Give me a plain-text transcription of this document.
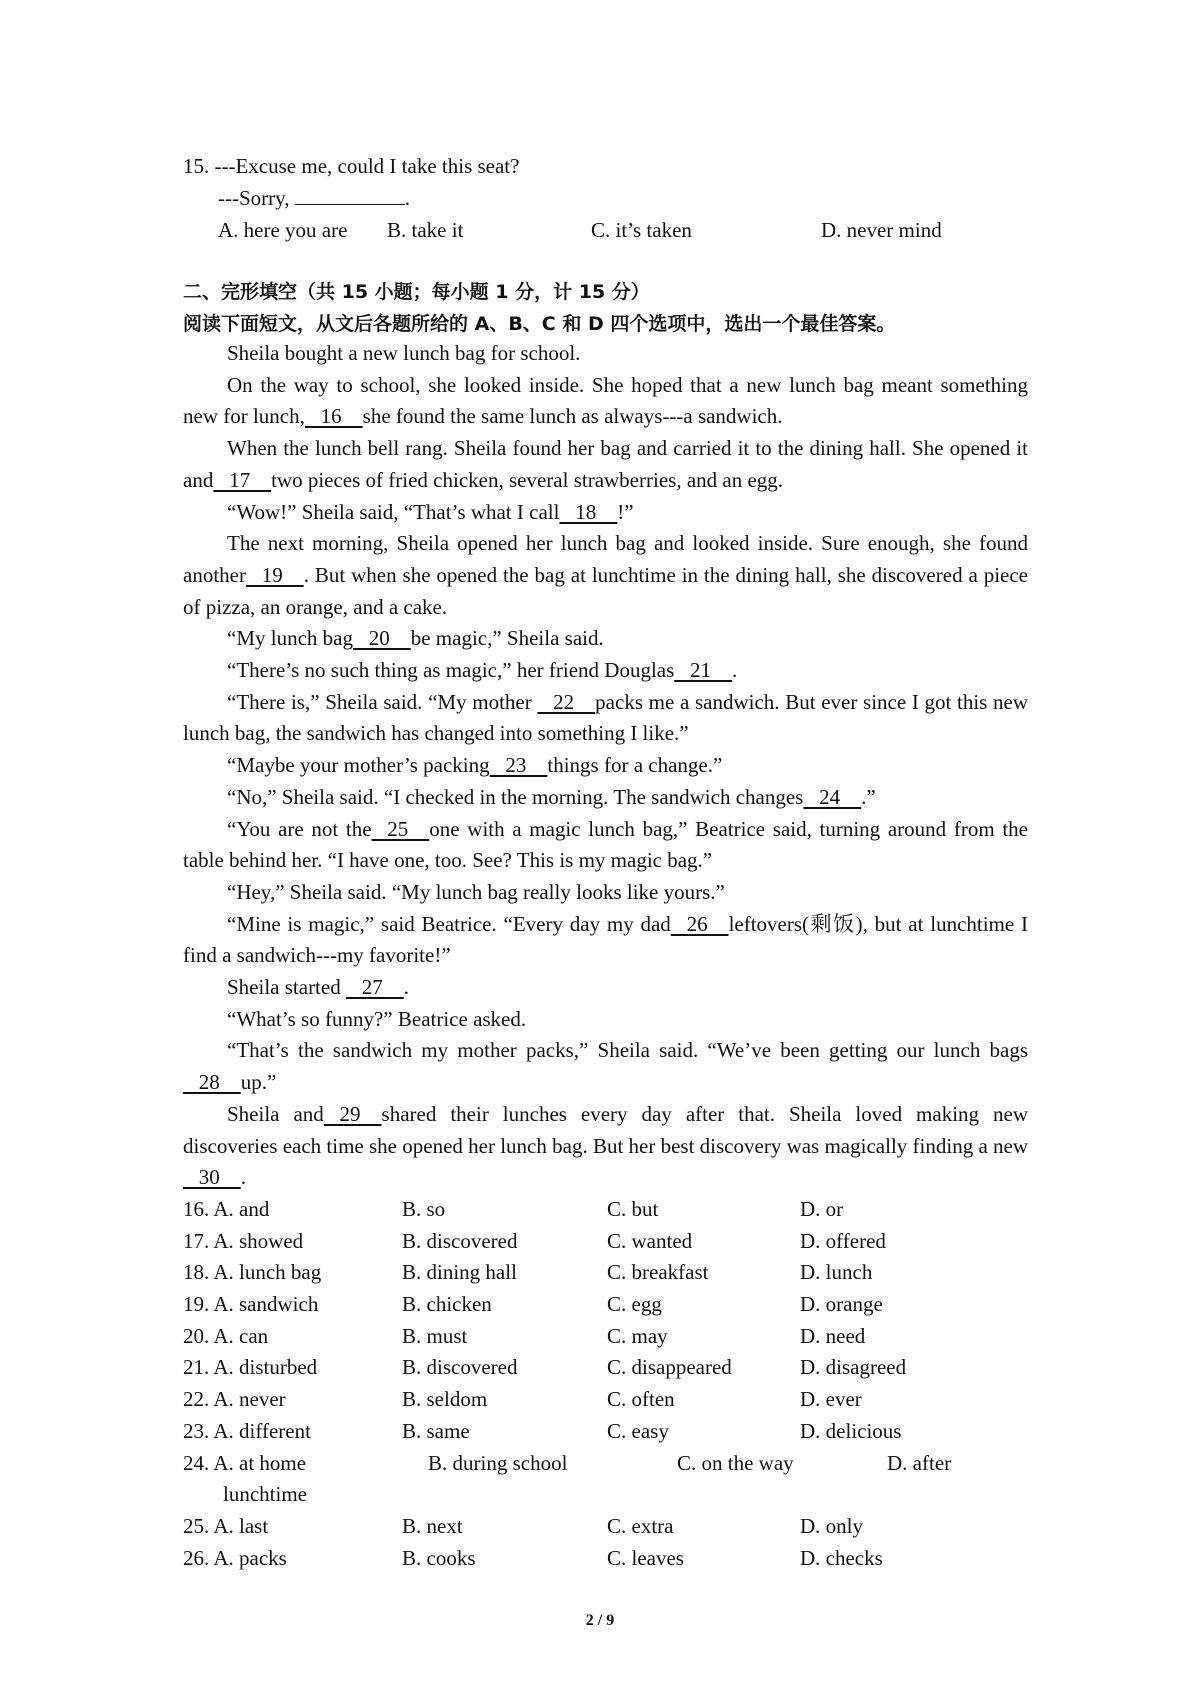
15. ---Excuse me, could I take this seat?
---Sorry,	.
A. here you are B. take it	C. it’s taken	D. never mind
二、完形填空（共 15 小题；每小题 1 分，计 15 分）
阅读下面短文，从文后各题所给的 A、B、C 和 D 四个选项中，选出一个最佳答案。

Sheila bought a new lunch bag for school.

On the way to school, she looked inside. She hoped that a new lunch bag meant something new for lunch,   16    she found the same lunch as always---a sandwich.

When the lunch bell rang. Sheila found her bag and carried it to the dining hall. She opened it and   17    two pieces of fried chicken, several strawberries, and an egg.

“Wow!” Sheila said, “That’s what I call   18    !”

The next morning, Sheila opened her lunch bag and looked inside. Sure enough, she found another   19    . But when she opened the bag at lunchtime in the dining hall, she discovered a piece of pizza, an orange, and a cake.

“My lunch bag   20    be magic,” Sheila said.

“There’s no such thing as magic,” her friend Douglas   21    .

“There is,” Sheila said. “My mother    22    packs me a sandwich. But ever since I got this new lunch bag, the sandwich has changed into something I like.”

“Maybe your mother’s packing   23    things for a change.”

“No,” Sheila said. “I checked in the morning. The sandwich changes   24    .”

“You are not the   25    one with a magic lunch bag,” Beatrice said, turning around from the table behind her. “I have one, too. See? This is my magic bag.”

“Hey,” Sheila said. “My lunch bag really looks like yours.”

“Mine is magic,” said Beatrice. “Every day my dad   26    leftovers(剩饭), but at lunchtime I find a sandwich---my favorite!”

Sheila started    27    .

“What’s so funny?” Beatrice asked.

“That’s the sandwich my mother packs,” Sheila said. “We’ve been getting our lunch bags   28    up.”

Sheila and   29    shared their lunches every day after that. Sheila loved making new discoveries each time she opened her lunch bag. But her best discovery was magically finding a new   30    .

16. A. and	B. so	C. but	D. or
17. A. showed	B. discovered	C. wanted	D. offered
18. A. lunch bag	B. dining hall	C. breakfast	D. lunch
19. A. sandwich	B. chicken	C. egg	D. orange
20. A. can	B. must	C. may	D. need
21. A. disturbed	B. discovered	C. disappeared	D. disagreed
22. A. never	B. seldom	C. often	D. ever
23. A. different	B. same	C. easy	D. delicious
24. A. at home	B. during school	C. on the way	D. after
lunchtime
25. A. last	B. next	C. extra	D. only
26. A. packs	B. cooks	C. leaves	D. checks
2 / 9
